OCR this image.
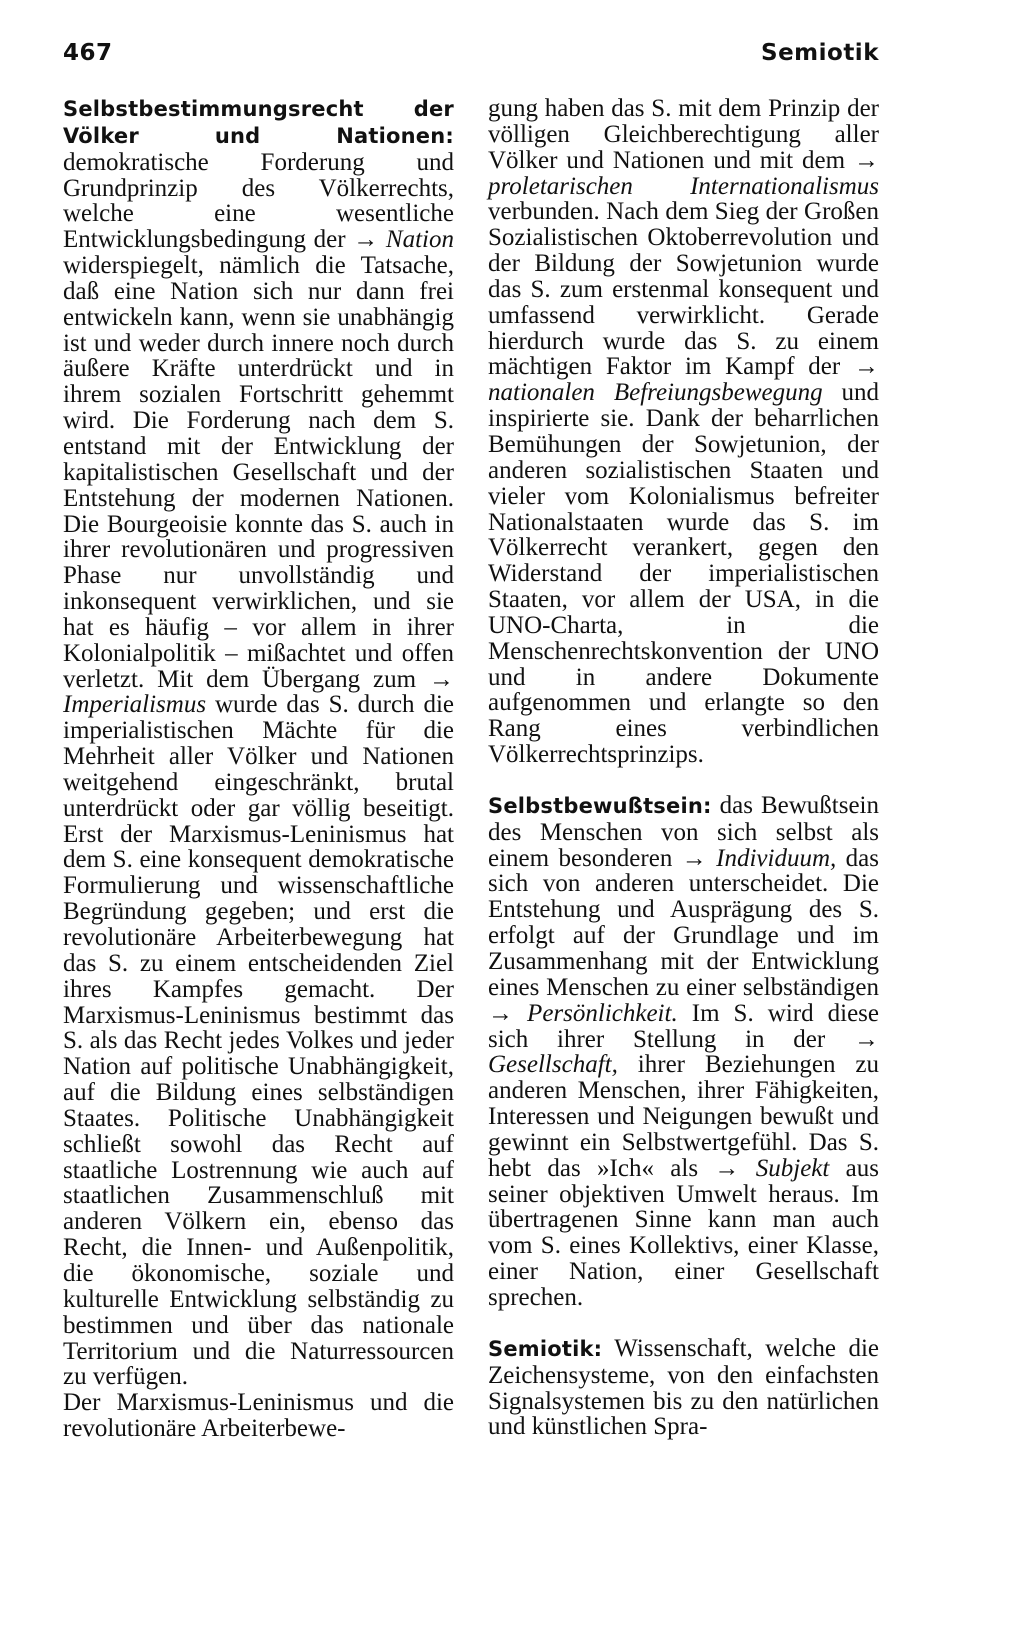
467	Semiotik

Selbstbestimmungsrecht der Völker und Nationen: demokratische Forderung und Grundprinzip des Völkerrechts, welche eine wesentliche Entwicklungsbedingung der → Nation widerspiegelt, nämlich die Tatsache, daß eine Nation sich nur dann frei entwickeln kann, wenn sie unabhängig ist und weder durch innere noch durch äußere Kräfte unterdrückt und in ihrem sozialen Fortschritt gehemmt wird. Die Forderung nach dem S. entstand mit der Entwicklung der kapitalistischen Gesellschaft und der Entstehung der modernen Nationen. Die Bourgeoisie konnte das S. auch in ihrer revolutionären und progressiven Phase nur unvollständig und inkonsequent verwirklichen, und sie hat es häufig – vor allem in ihrer Kolonialpolitik – mißachtet und offen verletzt. Mit dem Übergang zum → Imperialismus wurde das S. durch die imperialistischen Mächte für die Mehrheit aller Völker und Nationen weitgehend eingeschränkt, brutal unterdrückt oder gar völlig beseitigt. Erst der Marxismus-Leninismus hat dem S. eine konsequent demokratische Formulierung und wissenschaftliche Begründung gegeben; und erst die revolutionäre Arbeiterbewegung hat das S. zu einem entscheidenden Ziel ihres Kampfes gemacht. Der Marxismus-Leninismus bestimmt das S. als das Recht jedes Volkes und jeder Nation auf politische Unabhängigkeit, auf die Bildung eines selbständigen Staates. Politische Unabhängigkeit schließt sowohl das Recht auf staatliche Lostrennung wie auch auf staatlichen Zusammenschluß mit anderen Völkern ein, ebenso das Recht, die Innen- und Außenpolitik, die ökonomische, soziale und kulturelle Entwicklung selbständig zu bestimmen und über das nationale Territorium und die Naturressourcen zu verfügen.
Der Marxismus-Leninismus und die revolutionäre Arbeiterbewe-

gung haben das S. mit dem Prinzip der völligen Gleichberechtigung aller Völker und Nationen und mit dem → proletarischen Internationalismus verbunden. Nach dem Sieg der Großen Sozialistischen Oktoberrevolution und der Bildung der Sowjetunion wurde das S. zum erstenmal konsequent und umfassend verwirklicht. Gerade hierdurch wurde das S. zu einem mächtigen Faktor im Kampf der → nationalen Befreiungsbewegung und inspirierte sie. Dank der beharrlichen Bemühungen der Sowjetunion, der anderen sozialistischen Staaten und vieler vom Kolonialismus befreiter Nationalstaaten wurde das S. im Völkerrecht verankert, gegen den Widerstand der imperialistischen Staaten, vor allem der USA, in die UNO-Charta, in die Menschenrechtskonvention der UNO und in andere Dokumente aufgenommen und erlangte so den Rang eines verbindlichen Völkerrechtsprinzips.

Selbstbewußtsein: das Bewußtsein des Menschen von sich selbst als einem besonderen → Individuum, das sich von anderen unterscheidet. Die Entstehung und Ausprägung des S. erfolgt auf der Grundlage und im Zusammenhang mit der Entwicklung eines Menschen zu einer selbständigen → Persönlichkeit. Im S. wird diese sich ihrer Stellung in der → Gesellschaft, ihrer Beziehungen zu anderen Menschen, ihrer Fähigkeiten, Interessen und Neigungen bewußt und gewinnt ein Selbstwertgefühl. Das S. hebt das »Ich« als → Subjekt aus seiner objektiven Umwelt heraus. Im übertragenen Sinne kann man auch vom S. eines Kollektivs, einer Klasse, einer Nation, einer Gesellschaft sprechen.

Semiotik: Wissenschaft, welche die Zeichensysteme, von den einfachsten Signalsystemen bis zu den natürlichen und künstlichen Spra-
